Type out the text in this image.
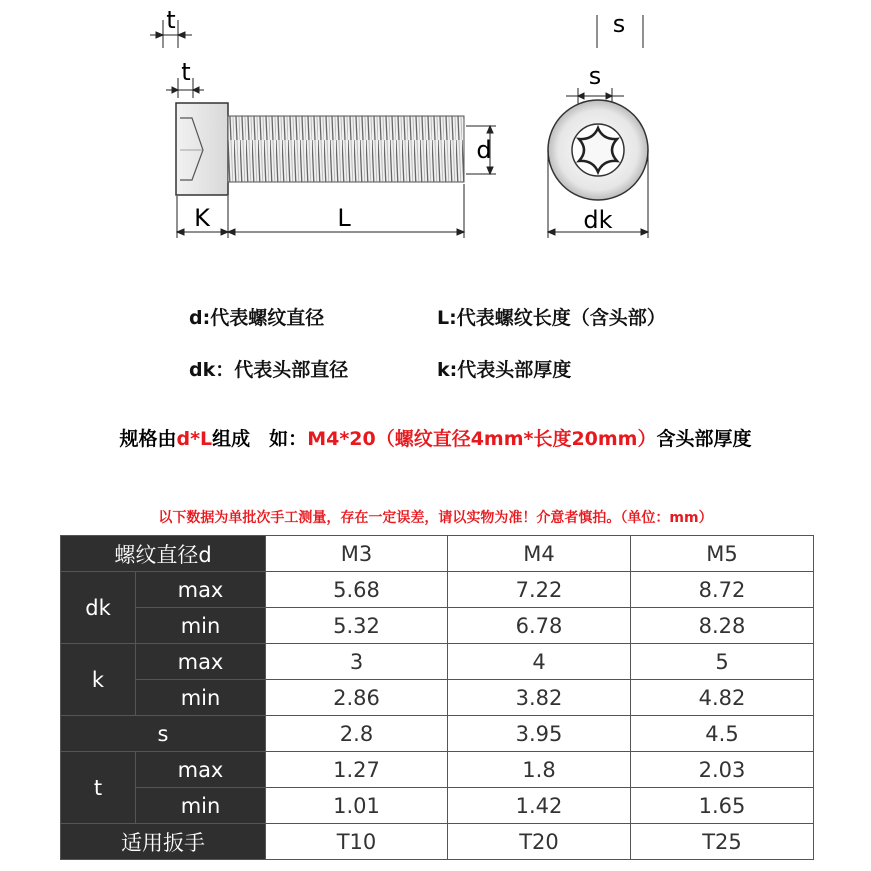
t
t
d
K	L
s
s
dk
d:代表螺纹直径	L:代表螺纹长度（含头部）
dk：代表头部直径	k:代表头部厚度
规格由d*L组成　如：M4*20（螺纹直径4mm*长度20mm）含头部厚度
以下数据为单批次手工测量，存在一定误差，请以实物为准！介意者慎拍。（单位：mm）
螺纹直径d		M3	M4	M5
dk	max	5.68	7.22	8.72
	min	5.32	6.78	8.28
k	max	3	4	5
	min	2.86	3.82	4.82
s		2.8	3.95	4.5
t	max	1.27	1.8	2.03
	min	1.01	1.42	1.65
适用扳手		T10	T20	T25
